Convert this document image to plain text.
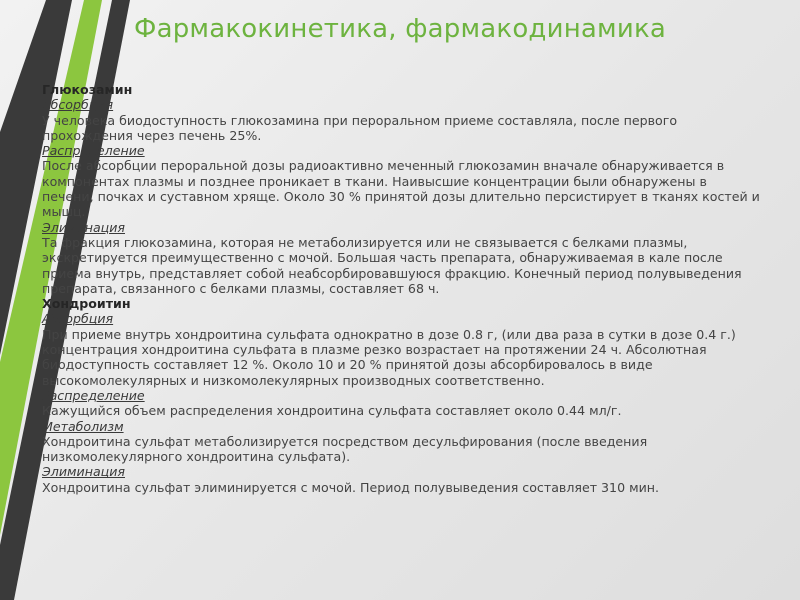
Фармакокинетика, фармакодинамика

Глюкозамин

Абсорбция

У человека биодоступность глюкозамина при пероральном приеме составляла, после первого прохождения через печень 25%.

Распределение

После абсорбции пероральной дозы радиоактивно меченный глюкозамин вначале обнаруживается в компонентах плазмы и позднее проникает в ткани. Наивысшие концентрации были обнаружены в печени, почках и суставном хряще. Около 30 % принятой дозы длительно персистирует в тканях костей и мышц.

Элиминация

Та фракция глюкозамина, которая не метаболизируется или не связывается с белками плазмы, экскретируется преимущественно с мочой. Большая часть препарата, обнаруживаемая в кале после приема внутрь, представляет собой неабсорбировавшуюся фракцию. Конечный период полувыведения препарата, связанного с белками плазмы, составляет 68 ч.

Хондроитин

Абсорбция

При приеме внутрь хондроитина сульфата однократно в дозе 0.8 г, (или два раза в сутки в дозе 0.4 г.) концентрация хондроитина сульфата в плазме резко возрастает на протяжении 24 ч. Абсолютная биодоступность составляет 12 %. Около 10 и 20 % принятой дозы абсорбировалось в виде высокомолекулярных и низкомолекулярных производных соответственно.

Распределение

Кажущийся объем распределения хондроитина сульфата составляет около 0.44 мл/г.

Метаболизм

Хондроитина сульфат метаболизируется посредством десульфирования (после введения низкомолекулярного хондроитина сульфата).

Элиминация

Хондроитина сульфат элиминируется с мочой. Период полувыведения составляет 310 мин.
